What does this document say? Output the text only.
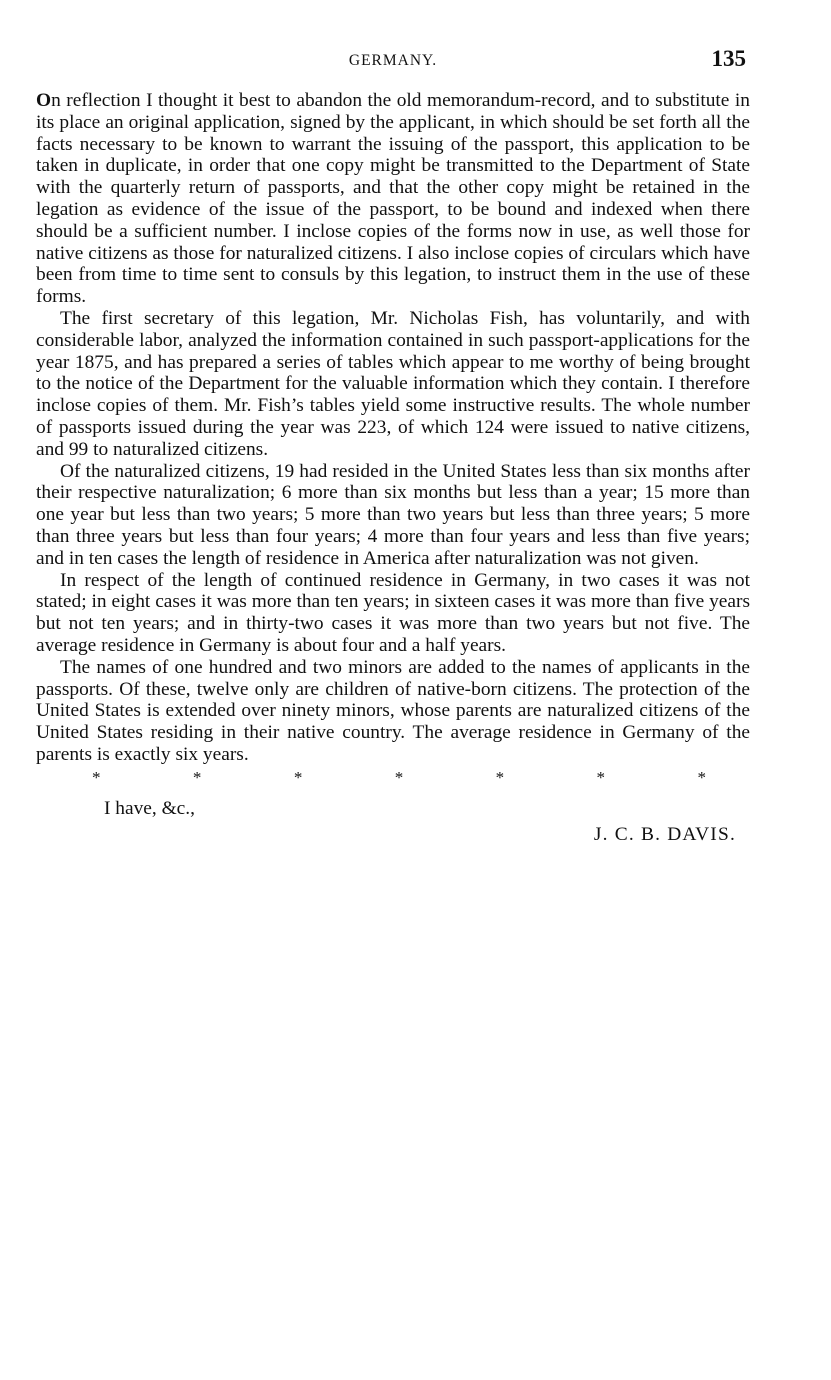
GERMANY.	135

On reflection I thought it best to abandon the old memorandum-record, and to substitute in its place an original application, signed by the applicant, in which should be set forth all the facts necessary to be known to warrant the issuing of the passport, this application to be taken in duplicate, in order that one copy might be transmitted to the Department of State with the quarterly return of passports, and that the other copy might be retained in the legation as evidence of the issue of the passport, to be bound and indexed when there should be a sufficient number. I inclose copies of the forms now in use, as well those for native citizens as those for naturalized citizens. I also inclose copies of circulars which have been from time to time sent to consuls by this legation, to instruct them in the use of these forms.

The first secretary of this legation, Mr. Nicholas Fish, has voluntarily, and with considerable labor, analyzed the information contained in such passport-applications for the year 1875, and has prepared a series of tables which appear to me worthy of being brought to the notice of the Department for the valuable information which they contain. I therefore inclose copies of them. Mr. Fish’s tables yield some instructive results. The whole number of passports issued during the year was 223, of which 124 were issued to native citizens, and 99 to naturalized citizens.

Of the naturalized citizens, 19 had resided in the United States less than six months after their respective naturalization; 6 more than six months but less than a year; 15 more than one year but less than two years; 5 more than two years but less than three years; 5 more than three years but less than four years; 4 more than four years and less than five years; and in ten cases the length of residence in America after naturalization was not given.

In respect of the length of continued residence in Germany, in two cases it was not stated; in eight cases it was more than ten years; in sixteen cases it was more than five years but not ten years; and in thirty-two cases it was more than two years but not five. The average residence in Germany is about four and a half years.

The names of one hundred and two minors are added to the names of applicants in the passports. Of these, twelve only are children of native-born citizens. The protection of the United States is extended over ninety minors, whose parents are naturalized citizens of the United States residing in their native country. The average residence in Germany of the parents is exactly six years.

*	*	*	*	*	*	*
I have, &c.,
J. C. B. DAVIS.
